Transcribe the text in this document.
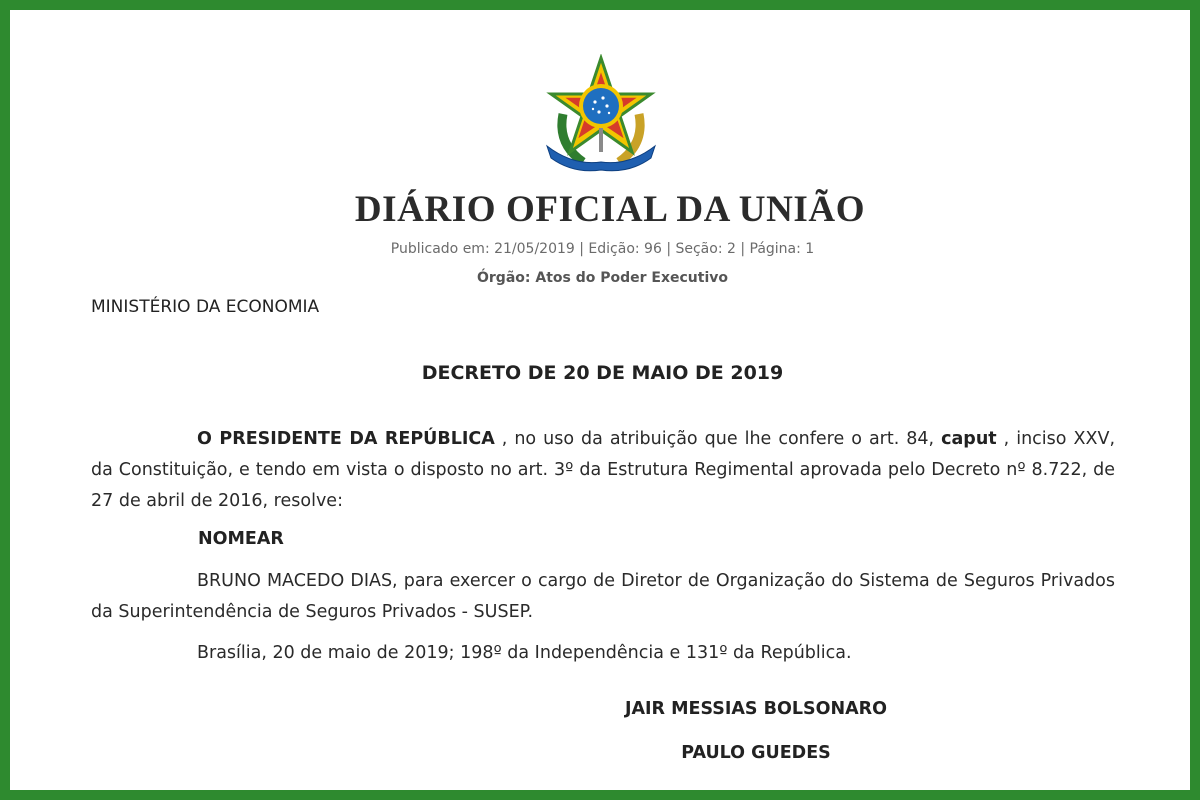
DIÁRIO OFICIAL DA UNIÃO
Publicado em: 21/05/2019 | Edição: 96 | Seção: 2 | Página: 1
Órgão: Atos do Poder Executivo
MINISTÉRIO DA ECONOMIA
DECRETO DE 20 DE MAIO DE 2019

O PRESIDENTE DA REPÚBLICA , no uso da atribuição que lhe confere o art. 84, caput , inciso XXV, da Constituição, e tendo em vista o disposto no art. 3º da Estrutura Regimental aprovada pelo Decreto nº 8.722, de 27 de abril de 2016, resolve:

NOMEAR

BRUNO MACEDO DIAS, para exercer o cargo de Diretor de Organização do Sistema de Seguros Privados da Superintendência de Seguros Privados - SUSEP.

Brasília, 20 de maio de 2019; 198º da Independência e 131º da República.

JAIR MESSIAS BOLSONARO
PAULO GUEDES
